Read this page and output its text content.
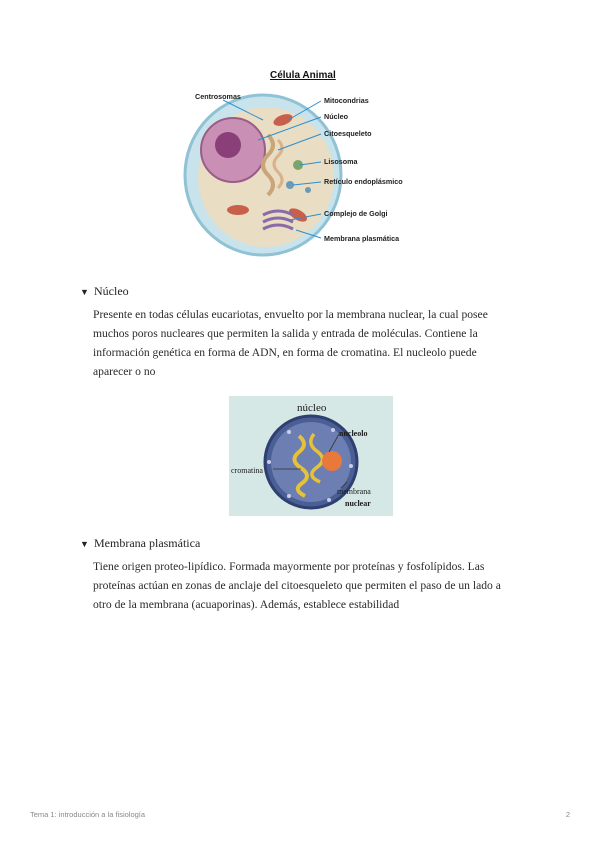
Célula Animal
Centrosomas	Mitocondrias
Núcleo
Citoesqueleto
Lisosoma
Retículo endoplásmico
Complejo de Golgi
Membrana plasmática
▼ Núcleo
Presente en todas células eucariotas, envuelto por la membrana nuclear, la cual posee muchos poros nucleares que permiten la salida y entrada de moléculas. Contiene la información genética en forma de ADN, en forma de cromatina. El nucleolo puede aparecer o no
núcleo
nucleolo
cromatina
membrana
nuclear
▼ Membrana plasmática
Tiene origen proteo-lipídico. Formada mayormente por proteínas y fosfolípidos. Las proteínas actúan en zonas de anclaje del citoesqueleto que permiten el paso de un lado a otro de la membrana (acuaporinas). Además, establece estabilidad
Tema 1: introducción a la fisiología	2
